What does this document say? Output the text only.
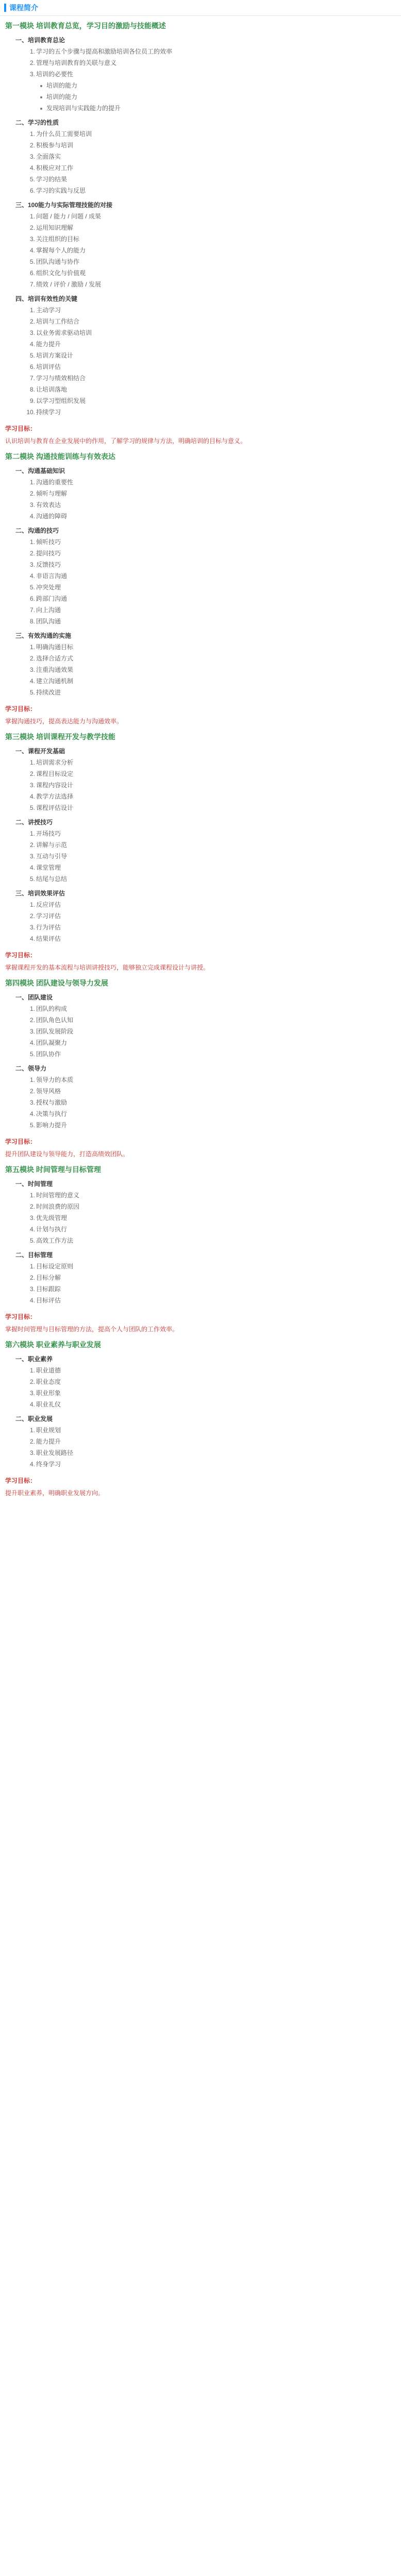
课程简介
第一模块 培训教育总览，学习目的激励与技能概述
一、培训教育总论
1. 学习的五个步骤与提高和激励培训各位员工的效率
2. 管理与培训教育的关联与意义
3. 培训的必要性
培训的能力
培训的能力
发现培训与实践能力的提升
二、学习的性质
1. 为什么员工需要培训
2. 积极参与培训
3. 全面落实
4. 积极应对工作
5. 学习的结果
6. 学习的实践与反思
三、100能力与实际管理技能的对接
1. 问题 / 能力 / 问题 / 成果
2. 运用知识理解
3. 关注组织的目标
4. 掌握每个人的能力
5. 团队沟通与协作
6. 组织文化与价值观
7. 绩效 / 评价 / 激励 / 发展
四、培训有效性的关键
1. 主动学习
2. 培训与工作结合
3. 以业务需求驱动培训
4. 能力提升
5. 培训方案设计
6. 培训评估
7. 学习与绩效相结合
8. 让培训落地
9. 以学习型组织发展
10. 持续学习
学习目标：
认识培训与教育在企业发展中的作用，了解学习的规律与方法，明确培训的目标与意义。
第二模块 沟通技能训练与有效表达
一、沟通基础知识
1. 沟通的重要性
2. 倾听与理解
3. 有效表达
4. 沟通的障碍
二、沟通的技巧
1. 倾听技巧
2. 提问技巧
3. 反馈技巧
4. 非语言沟通
5. 冲突处理
6. 跨部门沟通
7. 向上沟通
8. 团队沟通
三、有效沟通的实施
1. 明确沟通目标
2. 选择合适方式
3. 注重沟通效果
4. 建立沟通机制
5. 持续改进
学习目标：
掌握沟通技巧，提高表达能力与沟通效率。
第三模块 培训课程开发与教学技能
一、课程开发基础
1. 培训需求分析
2. 课程目标设定
3. 课程内容设计
4. 教学方法选择
5. 课程评估设计
二、讲授技巧
1. 开场技巧
2. 讲解与示范
3. 互动与引导
4. 课堂管理
5. 结尾与总结
三、培训效果评估
1. 反应评估
2. 学习评估
3. 行为评估
4. 结果评估
学习目标：
掌握课程开发的基本流程与培训讲授技巧，能够独立完成课程设计与讲授。
第四模块 团队建设与领导力发展
一、团队建设
1. 团队的构成
2. 团队角色认知
3. 团队发展阶段
4. 团队凝聚力
5. 团队协作
二、领导力
1. 领导力的本质
2. 领导风格
3. 授权与激励
4. 决策与执行
5. 影响力提升
学习目标：
提升团队建设与领导能力，打造高绩效团队。
第五模块 时间管理与目标管理
一、时间管理
1. 时间管理的意义
2. 时间浪费的原因
3. 优先级管理
4. 计划与执行
5. 高效工作方法
二、目标管理
1. 目标设定原则
2. 目标分解
3. 目标跟踪
4. 目标评估
学习目标：
掌握时间管理与目标管理的方法，提高个人与团队的工作效率。
第六模块 职业素养与职业发展
一、职业素养
1. 职业道德
2. 职业态度
3. 职业形象
4. 职业礼仪
二、职业发展
1. 职业规划
2. 能力提升
3. 职业发展路径
4. 终身学习
学习目标：
提升职业素养，明确职业发展方向。
